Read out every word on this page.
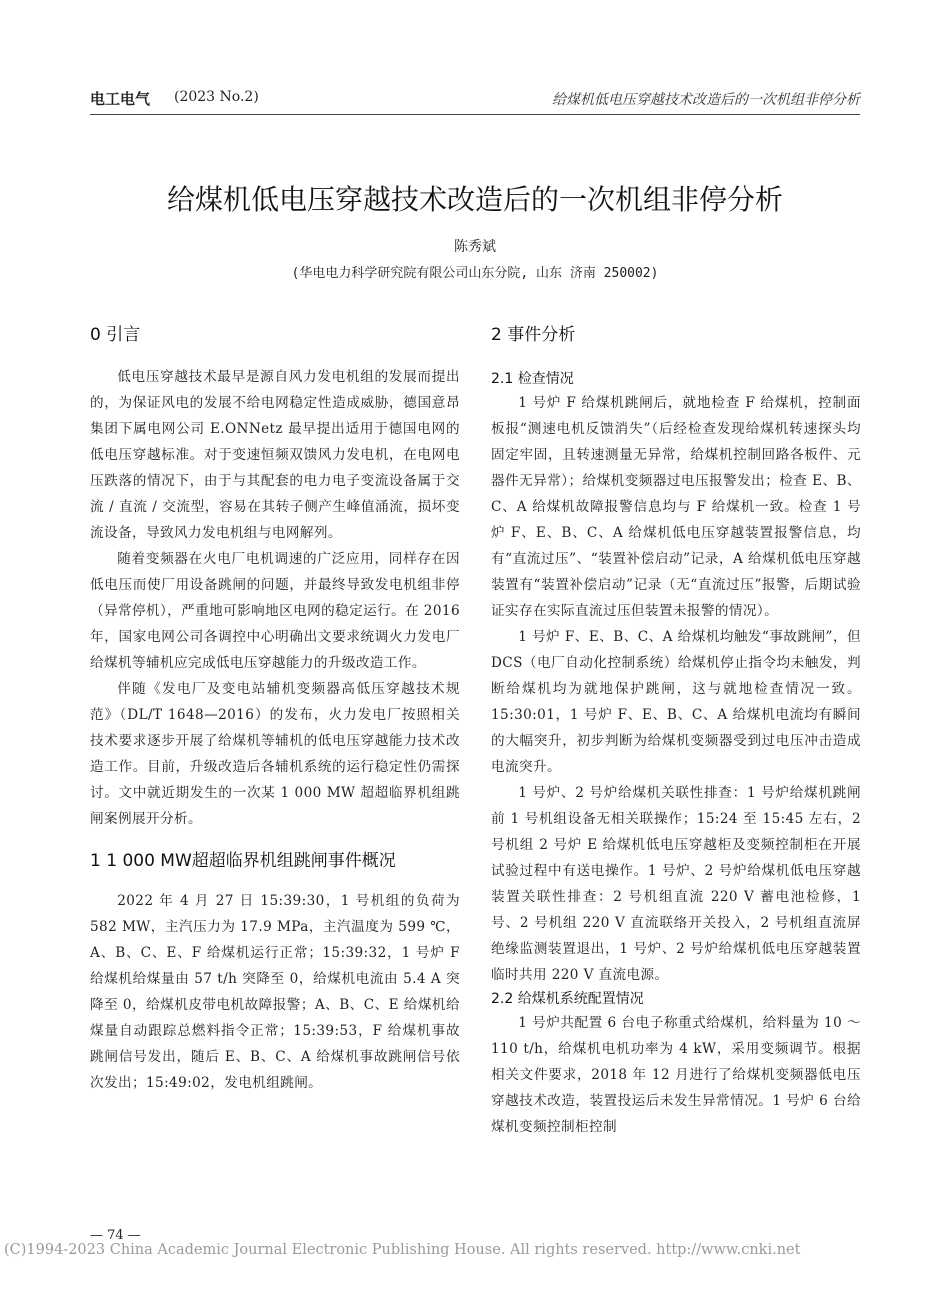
电工电气 (2023 No.2)	给煤机低电压穿越技术改造后的一次机组非停分析
给煤机低电压穿越技术改造后的一次机组非停分析
陈秀斌
(华电电力科学研究院有限公司山东分院, 山东 济南 250002)
0 引言

低电压穿越技术最早是源自风力发电机组的发展而提出的，为保证风电的发展不给电网稳定性造成威胁，德国意昂集团下属电网公司 E.ONNetz 最早提出适用于德国电网的低电压穿越标准。对于变速恒频双馈风力发电机，在电网电压跌落的情况下，由于与其配套的电力电子变流设备属于交流 / 直流 / 交流型，容易在其转子侧产生峰值涌流，损坏变流设备，导致风力发电机组与电网解列。

随着变频器在火电厂电机调速的广泛应用，同样存在因低电压而使厂用设备跳闸的问题，并最终导致发电机组非停（异常停机），严重地可影响地区电网的稳定运行。在 2016 年，国家电网公司各调控中心明确出文要求统调火力发电厂给煤机等辅机应完成低电压穿越能力的升级改造工作。

伴随《发电厂及变电站辅机变频器高低压穿越技术规范》（DL/T 1648—2016）的发布，火力发电厂按照相关技术要求逐步开展了给煤机等辅机的低电压穿越能力技术改造工作。目前，升级改造后各辅机系统的运行稳定性仍需探讨。文中就近期发生的一次某 1 000 MW 超超临界机组跳闸案例展开分析。

1 1 000 MW超超临界机组跳闸事件概况

2022 年 4 月 27 日 15:39:30，1 号机组的负荷为 582 MW，主汽压力为 17.9 MPa，主汽温度为 599 ℃，A、B、C、E、F 给煤机运行正常；15:39:32，1 号炉 F 给煤机给煤量由 57 t/h 突降至 0，给煤机电流由 5.4 A 突降至 0，给煤机皮带电机故障报警；A、B、C、E 给煤机给煤量自动跟踪总燃料指令正常；15:39:53，F 给煤机事故跳闸信号发出，随后 E、B、C、A 给煤机事故跳闸信号依次发出；15:49:02，发电机组跳闸。

2 事件分析
2.1 检查情况

1 号炉 F 给煤机跳闸后，就地检查 F 给煤机，控制面板报“测速电机反馈消失”（后经检查发现给煤机转速探头均固定牢固，且转速测量无异常，给煤机控制回路各板件、元器件无异常）；给煤机变频器过电压报警发出；检查 E、B、C、A 给煤机故障报警信息均与 F 给煤机一致。检查 1 号炉 F、E、B、C、A 给煤机低电压穿越装置报警信息，均有“直流过压”、“装置补偿启动”记录，A 给煤机低电压穿越装置有“装置补偿启动”记录（无“直流过压”报警，后期试验证实存在实际直流过压但装置未报警的情况）。

1 号炉 F、E、B、C、A 给煤机均触发“事故跳闸”，但 DCS（电厂自动化控制系统）给煤机停止指令均未触发，判断给煤机均为就地保护跳闸，这与就地检查情况一致。15:30:01，1 号炉 F、E、B、C、A 给煤机电流均有瞬间的大幅突升，初步判断为给煤机变频器受到过电压冲击造成电流突升。

1 号炉、2 号炉给煤机关联性排查：1 号炉给煤机跳闸前 1 号机组设备无相关联操作；15:24 至 15:45 左右，2 号机组 2 号炉 E 给煤机低电压穿越柜及变频控制柜在开展试验过程中有送电操作。1 号炉、2 号炉给煤机低电压穿越装置关联性排查：2 号机组直流 220 V 蓄电池检修，1 号、2 号机组 220 V 直流联络开关投入，2 号机组直流屏绝缘监测装置退出，1 号炉、2 号炉给煤机低电压穿越装置临时共用 220 V 直流电源。

2.2 给煤机系统配置情况

1 号炉共配置 6 台电子称重式给煤机，给料量为 10 ～ 110 t/h，给煤机电机功率为 4 kW，采用变频调节。根据相关文件要求，2018 年 12 月进行了给煤机变频器低电压穿越技术改造，装置投运后未发生异常情况。1 号炉 6 台给煤机变频控制柜控制

— 74 —
(C)1994-2023 China Academic Journal Electronic Publishing House. All rights reserved. http://www.cnki.net
